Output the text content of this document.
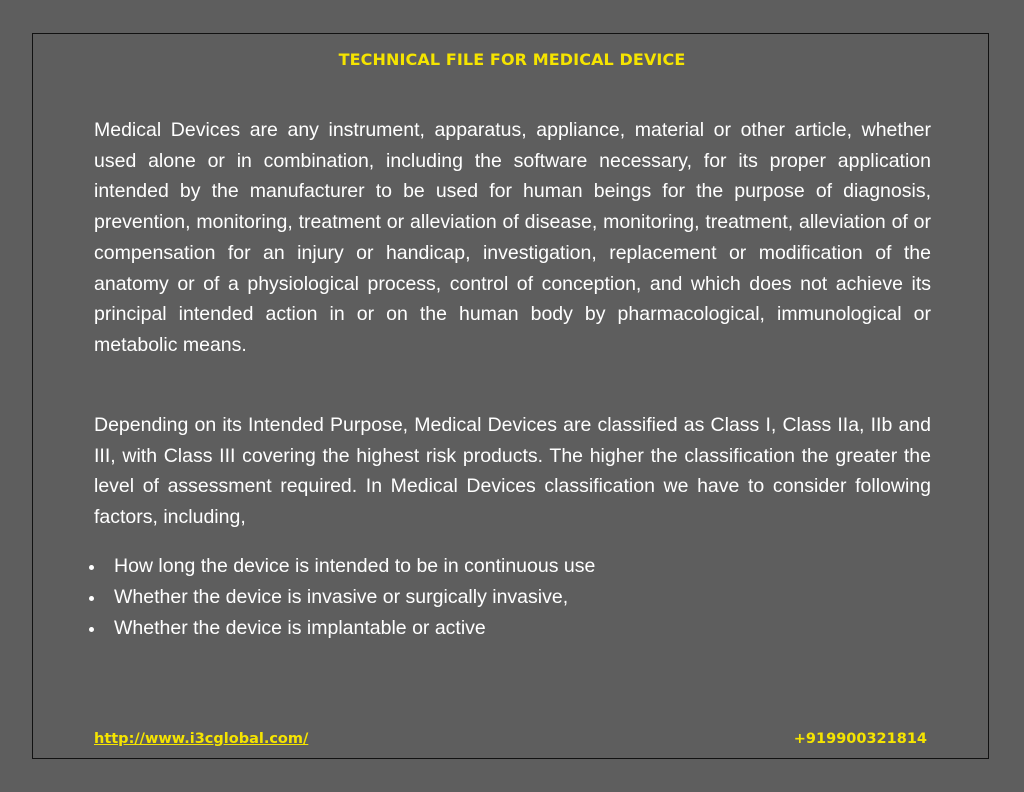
TECHNICAL FILE FOR MEDICAL DEVICE

Medical Devices are any instrument, apparatus, appliance, material or other article, whether used alone or in combination, including the software necessary, for its proper application intended by the manufacturer to be used for human beings for the purpose of diagnosis, prevention, monitoring, treatment or alleviation of disease, monitoring, treatment, alleviation of or compensation for an injury or handicap, investigation, replacement or modification of the anatomy or of a physiological process, control of conception, and which does not achieve its principal intended action in or on the human body by pharmacological, immunological or metabolic means.

Depending on its Intended Purpose, Medical Devices are classified as Class I, Class IIa, IIb and III, with Class III covering the highest risk products. The higher the classification the greater the level of assessment required. In Medical Devices classification we have to consider following factors, including,

How long the device is intended to be in continuous use
Whether the device is invasive or surgically invasive,
Whether the device is implantable or active
http://www.i3cglobal.com/	+919900321814
